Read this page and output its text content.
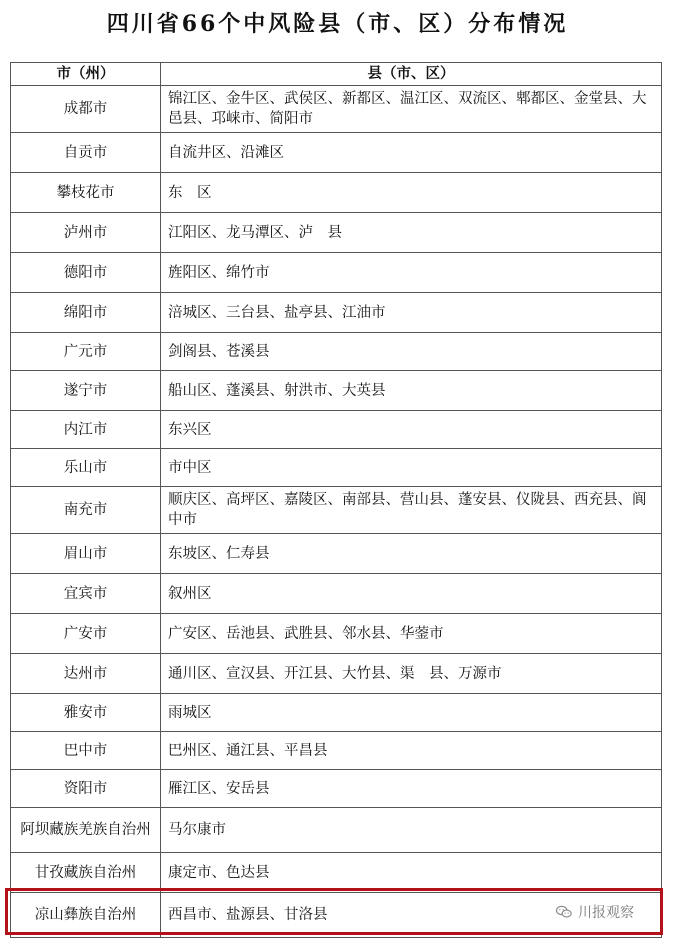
四川省66个中风险县（市、区）分布情况
市（州）	县（市、区）
成都市	锦江区、金牛区、武侯区、新都区、温江区、双流区、郫都区、金堂县、大邑县、邛崃市、简阳市
自贡市	自流井区、沿滩区
攀枝花市	东　区
泸州市	江阳区、龙马潭区、泸　县
德阳市	旌阳区、绵竹市
绵阳市	涪城区、三台县、盐亭县、江油市
广元市	剑阁县、苍溪县
遂宁市	船山区、蓬溪县、射洪市、大英县
内江市	东兴区
乐山市	市中区
南充市	顺庆区、高坪区、嘉陵区、南部县、营山县、蓬安县、仪陇县、西充县、阆中市
眉山市	东坡区、仁寿县
宜宾市	叙州区
广安市	广安区、岳池县、武胜县、邻水县、华蓥市
达州市	通川区、宣汉县、开江县、大竹县、渠　县、万源市
雅安市	雨城区
巴中市	巴州区、通江县、平昌县
资阳市	雁江区、安岳县
阿坝藏族羌族自治州	马尔康市
甘孜藏族自治州	康定市、色达县
凉山彝族自治州	西昌市、盐源县、甘洛县	川报观察
